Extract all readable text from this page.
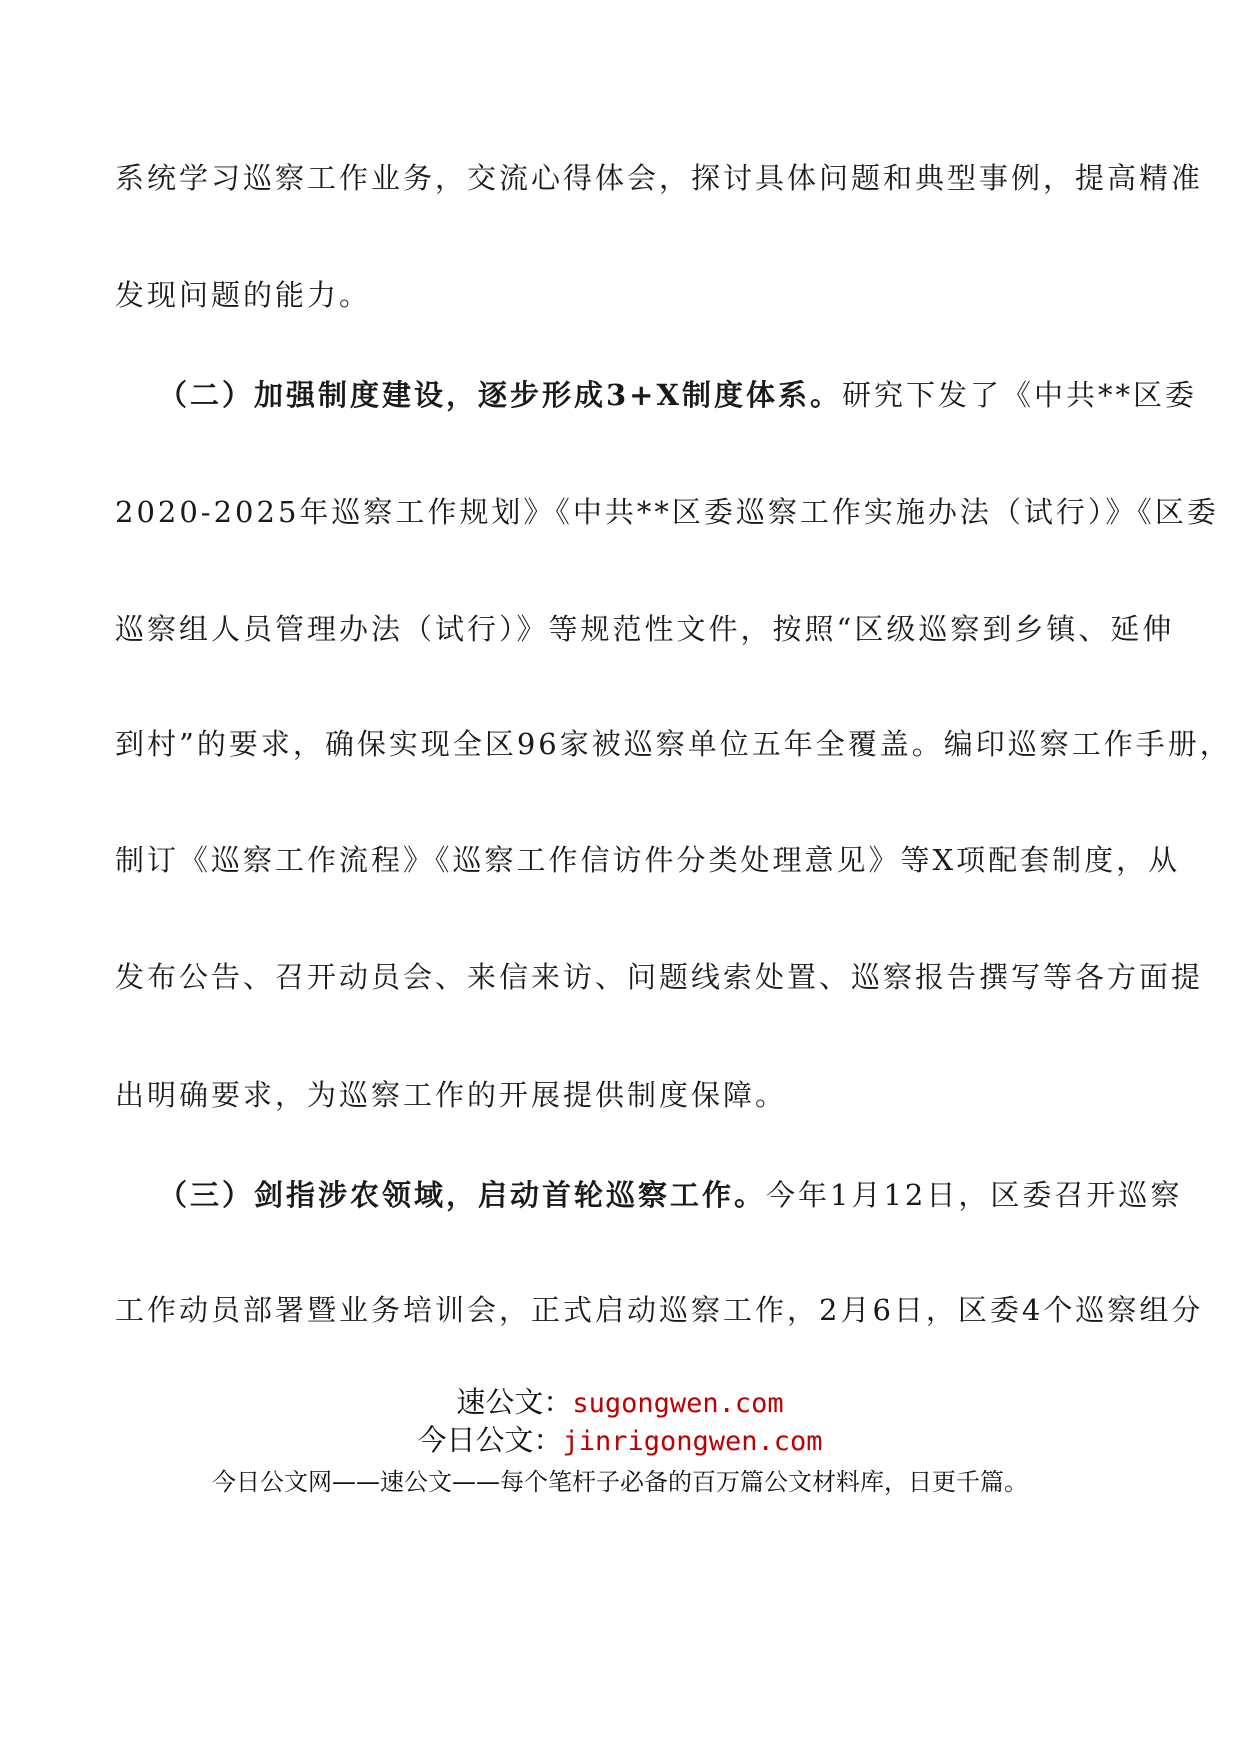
系统学习巡察工作业务，交流心得体会，探讨具体问题和典型事例，提高精准
发现问题的能力。
（二）加强制度建设，逐步形成3+X制度体系。研究下发了《中共**区委
2020-2025年巡察工作规划》《中共**区委巡察工作实施办法（试行）》《区委
巡察组人员管理办法（试行）》等规范性文件，按照“区级巡察到乡镇、延伸
到村”的要求，确保实现全区96家被巡察单位五年全覆盖。编印巡察工作手册，
制订《巡察工作流程》《巡察工作信访件分类处理意见》等X项配套制度，从
发布公告、召开动员会、来信来访、问题线索处置、巡察报告撰写等各方面提
出明确要求，为巡察工作的开展提供制度保障。
（三）剑指涉农领域，启动首轮巡察工作。今年1月12日，区委召开巡察
工作动员部署暨业务培训会，正式启动巡察工作，2月6日，区委4个巡察组分
速公文：sugongwen.com
今日公文：jinrigongwen.com
今日公文网——速公文——每个笔杆子必备的百万篇公文材料库，日更千篇。
